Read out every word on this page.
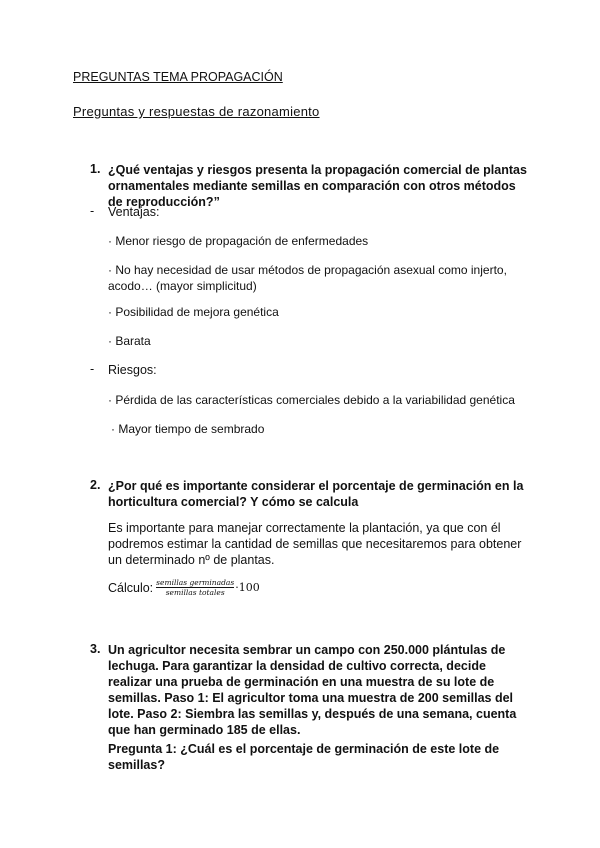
PREGUNTAS TEMA PROPAGACIÓN
Preguntas y respuestas de razonamiento
1. ¿Qué ventajas y riesgos presenta la propagación comercial de plantas ornamentales mediante semillas en comparación con otros métodos de reproducción?”
- Ventajas:
· Menor riesgo de propagación de enfermedades
· No hay necesidad de usar métodos de propagación asexual como injerto, acodo… (mayor simplicitud)
· Posibilidad de mejora genética
· Barata
- Riesgos:
· Pérdida de las características comerciales debido a la variabilidad genética
· Mayor tiempo de sembrado
2. ¿Por qué es importante considerar el porcentaje de germinación en la horticultura comercial? Y cómo se calcula
Es importante para manejar correctamente la plantación, ya que con él podremos estimar la cantidad de semillas que necesitaremos para obtener un determinado nº de plantas.
Cálculo: $\frac{\text{semillas germinadas}}{\text{semillas totales}} \cdot 100$
3. Un agricultor necesita sembrar un campo con 250.000 plántulas de lechuga. Para garantizar la densidad de cultivo correcta, decide realizar una prueba de germinación en una muestra de su lote de semillas. Paso 1: El agricultor toma una muestra de 200 semillas del lote. Paso 2: Siembra las semillas y, después de una semana, cuenta que han germinado 185 de ellas.
Pregunta 1: ¿Cuál es el porcentaje de germinación de este lote de semillas?
